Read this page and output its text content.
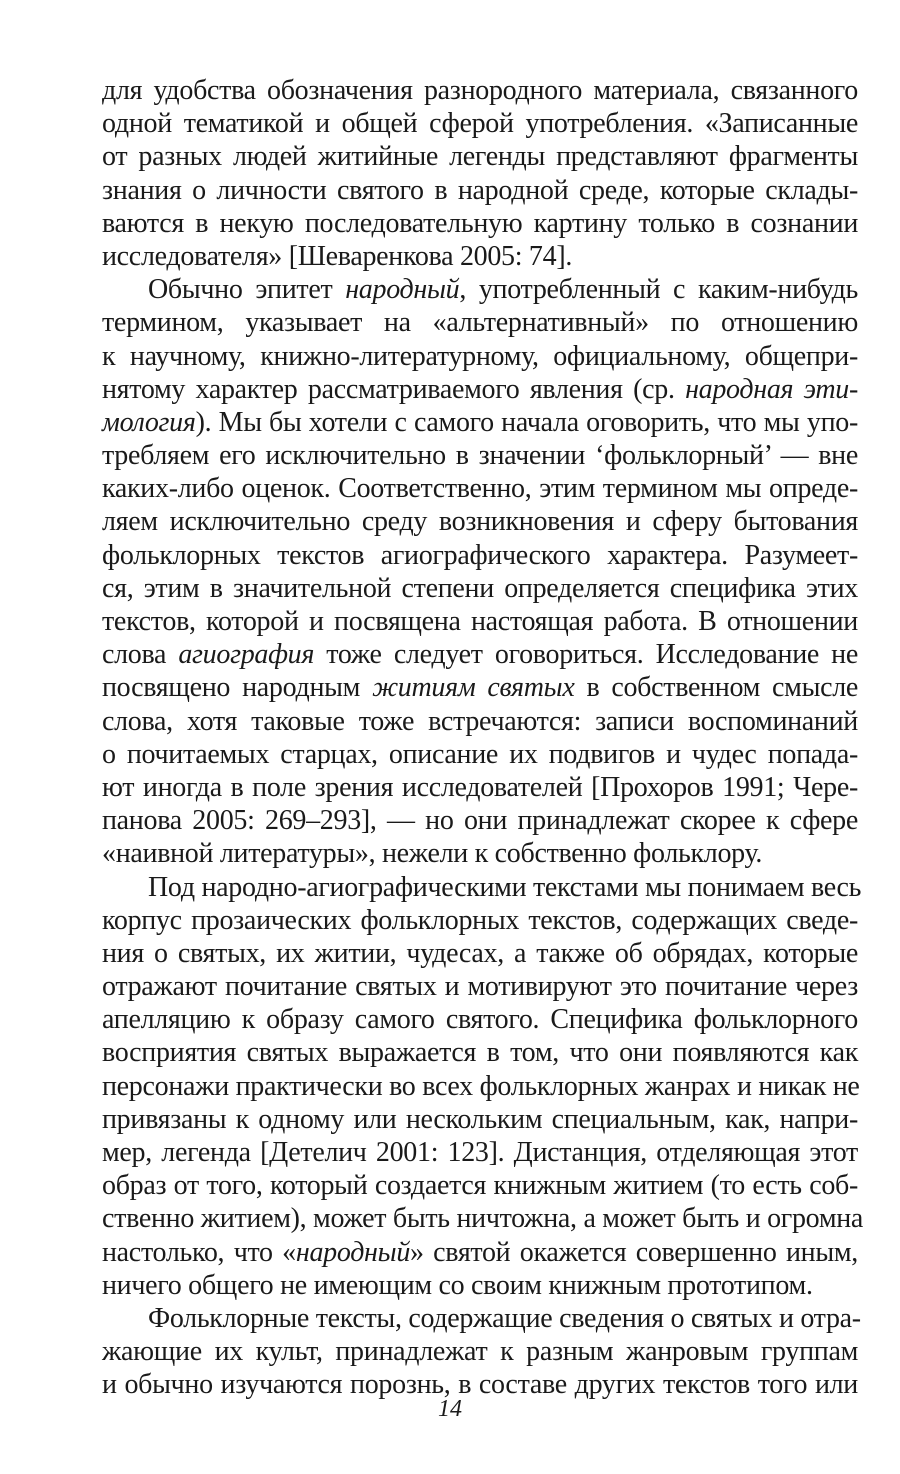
для удобства обозначения разнородного материала, связанного
одной тематикой и общей сферой употребления. «Записанные
от разных людей житийные легенды представляют фрагменты
знания о личности святого в народной среде, которые склады-
ваются в некую последовательную картину только в сознании
исследователя» [Шеваренкова 2005: 74].
Обычно эпитет народный, употребленный с каким-нибудь
термином, указывает на «альтернативный» по отношению
к научному, книжно-литературному, официальному, общепри-
нятому характер рассматриваемого явления (ср. народная эти-
мология). Мы бы хотели с самого начала оговорить, что мы упо-
требляем его исключительно в значении ‘фольклорный’ — вне
каких-либо оценок. Соответственно, этим термином мы опреде-
ляем исключительно среду возникновения и сферу бытования
фольклорных текстов агиографического характера. Разумеет-
ся, этим в значительной степени определяется специфика этих
текстов, которой и посвящена настоящая работа. В отношении
слова агиография тоже следует оговориться. Исследование не
посвящено народным житиям святых в собственном смысле
слова, хотя таковые тоже встречаются: записи воспоминаний
о почитаемых старцах, описание их подвигов и чудес попада-
ют иногда в поле зрения исследователей [Прохоров 1991; Чере-
панова 2005: 269–293], — но они принадлежат скорее к сфере
«наивной литературы», нежели к собственно фольклору.
Под народно-агиографическими текстами мы понимаем весь
корпус прозаических фольклорных текстов, содержащих сведе-
ния о святых, их житии, чудесах, а также об обрядах, которые
отражают почитание святых и мотивируют это почитание через
апелляцию к образу самого святого. Специфика фольклорного
восприятия святых выражается в том, что они появляются как
персонажи практически во всех фольклорных жанрах и никак не
привязаны к одному или нескольким специальным, как, напри-
мер, легенда [Детелич 2001: 123]. Дистанция, отделяющая этот
образ от того, который создается книжным житием (то есть соб-
ственно житием), может быть ничтожна, а может быть и огромна
настолько, что «народный» святой окажется совершенно иным,
ничего общего не имеющим со своим книжным прототипом.
Фольклорные тексты, содержащие сведения о святых и отра-
жающие их культ, принадлежат к разным жанровым группам
и обычно изучаются порознь, в составе других текстов того или
14
